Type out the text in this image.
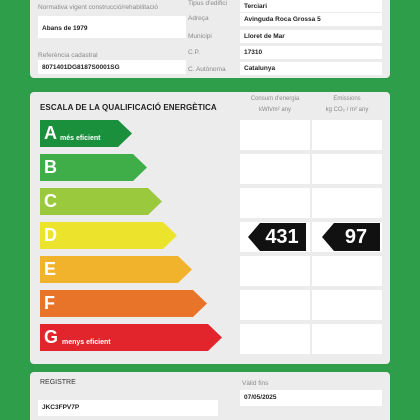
Normativa vigent construcció/rehabilitació
Abans de 1979
Referència cadastral
8071401DG8187S0001SG
Tipus d'edifici	Terciari
Adreça	Avinguda Roca Grossa 5
Municipi	Lloret de Mar
C.P.	17310
C. Autònoma	Catalunya
ESCALA DE LA QUALIFICACIÓ ENERGÈTICA
Consum d'energia
kWh/m² any
Emissions
kg CO₂ / m² any
A més eficient
B
C
D	431	97
E
F
G menys eficient
REGISTRE
JKC3FPV7P
Vàlid fins
07/05/2025
